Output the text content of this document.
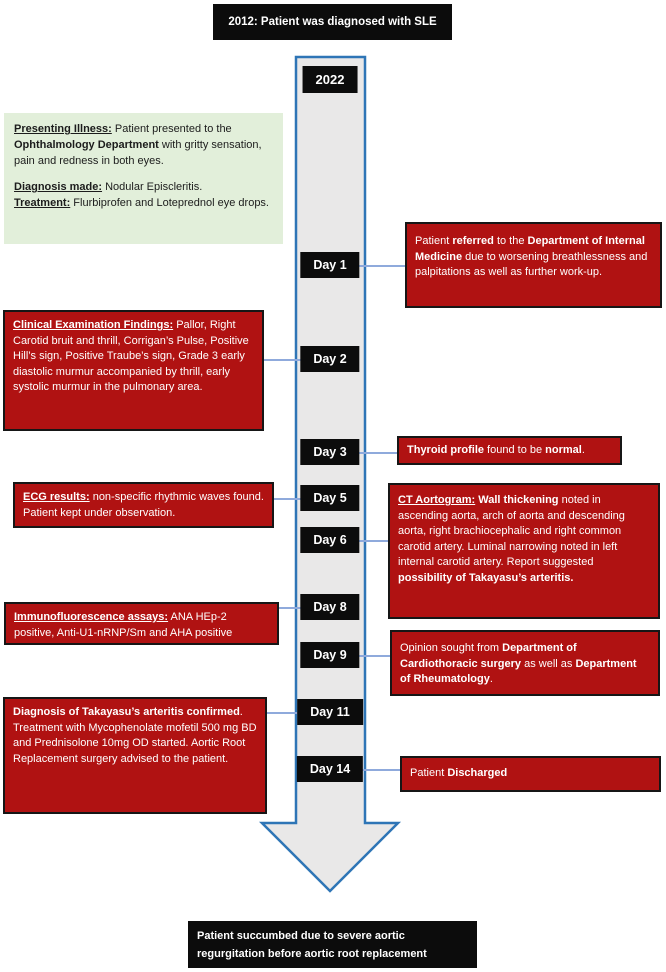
2012: Patient was diagnosed with SLE
2022
Day 1
Day 2
Day 3
Day 5
Day 6
Day 8
Day 9
Day 11
Day 14
Presenting Illness: Patient presented to the Ophthalmology Department with gritty sensation, pain and redness in both eyes.
Diagnosis made: Nodular Episcleritis.
Treatment: Flurbiprofen and Loteprednol eye drops.
Clinical Examination Findings: Pallor, Right Carotid bruit and thrill, Corrigan’s Pulse, Positive Hill’s sign, Positive Traube’s sign, Grade 3 early diastolic murmur accompanied by thrill, early systolic murmur in the pulmonary area.
ECG results: non-specific rhythmic waves found. Patient kept under observation.
Immunofluorescence assays: ANA HEp-2 positive, Anti-U1-nRNP/Sm and AHA positive
Diagnosis of Takayasu’s arteritis confirmed. Treatment with Mycophenolate mofetil 500 mg BD and Prednisolone 10mg OD started. Aortic Root Replacement surgery advised to the patient.
Patient referred to the Department of Internal Medicine due to worsening breathlessness and palpitations as well as further work-up.
Thyroid profile found to be normal.
CT Aortogram: Wall thickening noted in ascending aorta, arch of aorta and descending aorta, right brachiocephalic and right common carotid artery. Luminal narrowing noted in left internal carotid artery. Report suggested possibility of Takayasu’s arteritis.
Opinion sought from Department of Cardiothoracic surgery as well as Department of Rheumatology.
Patient Discharged
Patient succumbed due to severe aortic regurgitation before aortic root replacement
